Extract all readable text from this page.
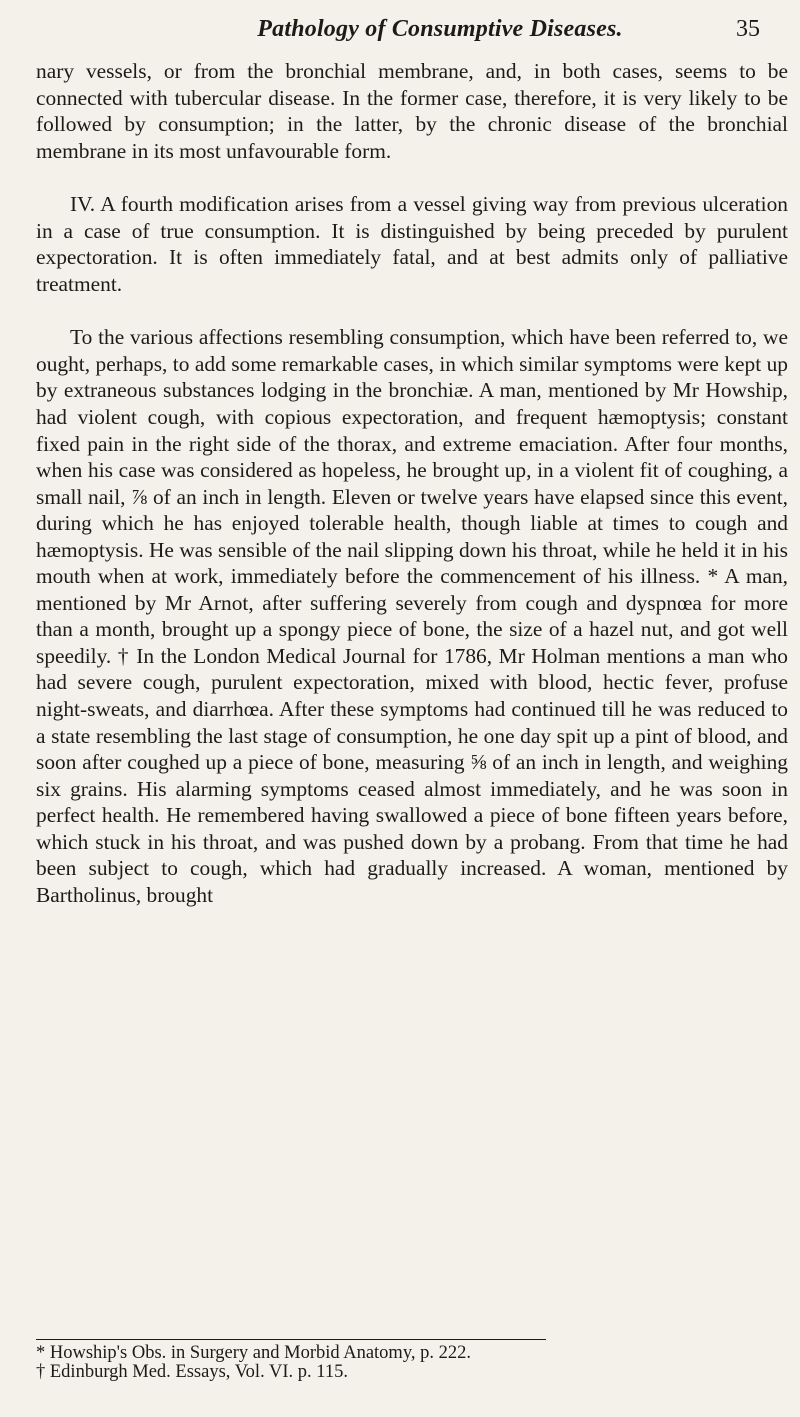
Pathology of Consumptive Diseases.	35

nary vessels, or from the bronchial membrane, and, in both cases, seems to be connected with tubercular disease. In the former case, therefore, it is very likely to be followed by consumption; in the latter, by the chronic disease of the bronchial membrane in its most unfavourable form.

IV. A fourth modification arises from a vessel giving way from previous ulceration in a case of true consumption. It is distinguished by being preceded by purulent expectoration. It is often immediately fatal, and at best admits only of palliative treatment.

To the various affections resembling consumption, which have been referred to, we ought, perhaps, to add some remarkable cases, in which similar symptoms were kept up by extraneous substances lodging in the bronchiæ. A man, mentioned by Mr Howship, had violent cough, with copious expectoration, and frequent hæmoptysis; constant fixed pain in the right side of the thorax, and extreme emaciation. After four months, when his case was considered as hopeless, he brought up, in a violent fit of coughing, a small nail, ⅞ of an inch in length. Eleven or twelve years have elapsed since this event, during which he has enjoyed tolerable health, though liable at times to cough and hæmoptysis. He was sensible of the nail slipping down his throat, while he held it in his mouth when at work, immediately before the commencement of his illness. * A man, mentioned by Mr Arnot, after suffering severely from cough and dyspnœa for more than a month, brought up a spongy piece of bone, the size of a hazel nut, and got well speedily. † In the London Medical Journal for 1786, Mr Holman mentions a man who had severe cough, purulent expectoration, mixed with blood, hectic fever, profuse night-sweats, and diarrhœa. After these symptoms had continued till he was reduced to a state resembling the last stage of consumption, he one day spit up a pint of blood, and soon after coughed up a piece of bone, measuring ⅝ of an inch in length, and weighing six grains. His alarming symptoms ceased almost immediately, and he was soon in perfect health. He remembered having swallowed a piece of bone fifteen years before, which stuck in his throat, and was pushed down by a probang. From that time he had been subject to cough, which had gradually increased. A woman, mentioned by Bartholinus, brought

* Howship's Obs. in Surgery and Morbid Anatomy, p. 222.

† Edinburgh Med. Essays, Vol. VI. p. 115.
